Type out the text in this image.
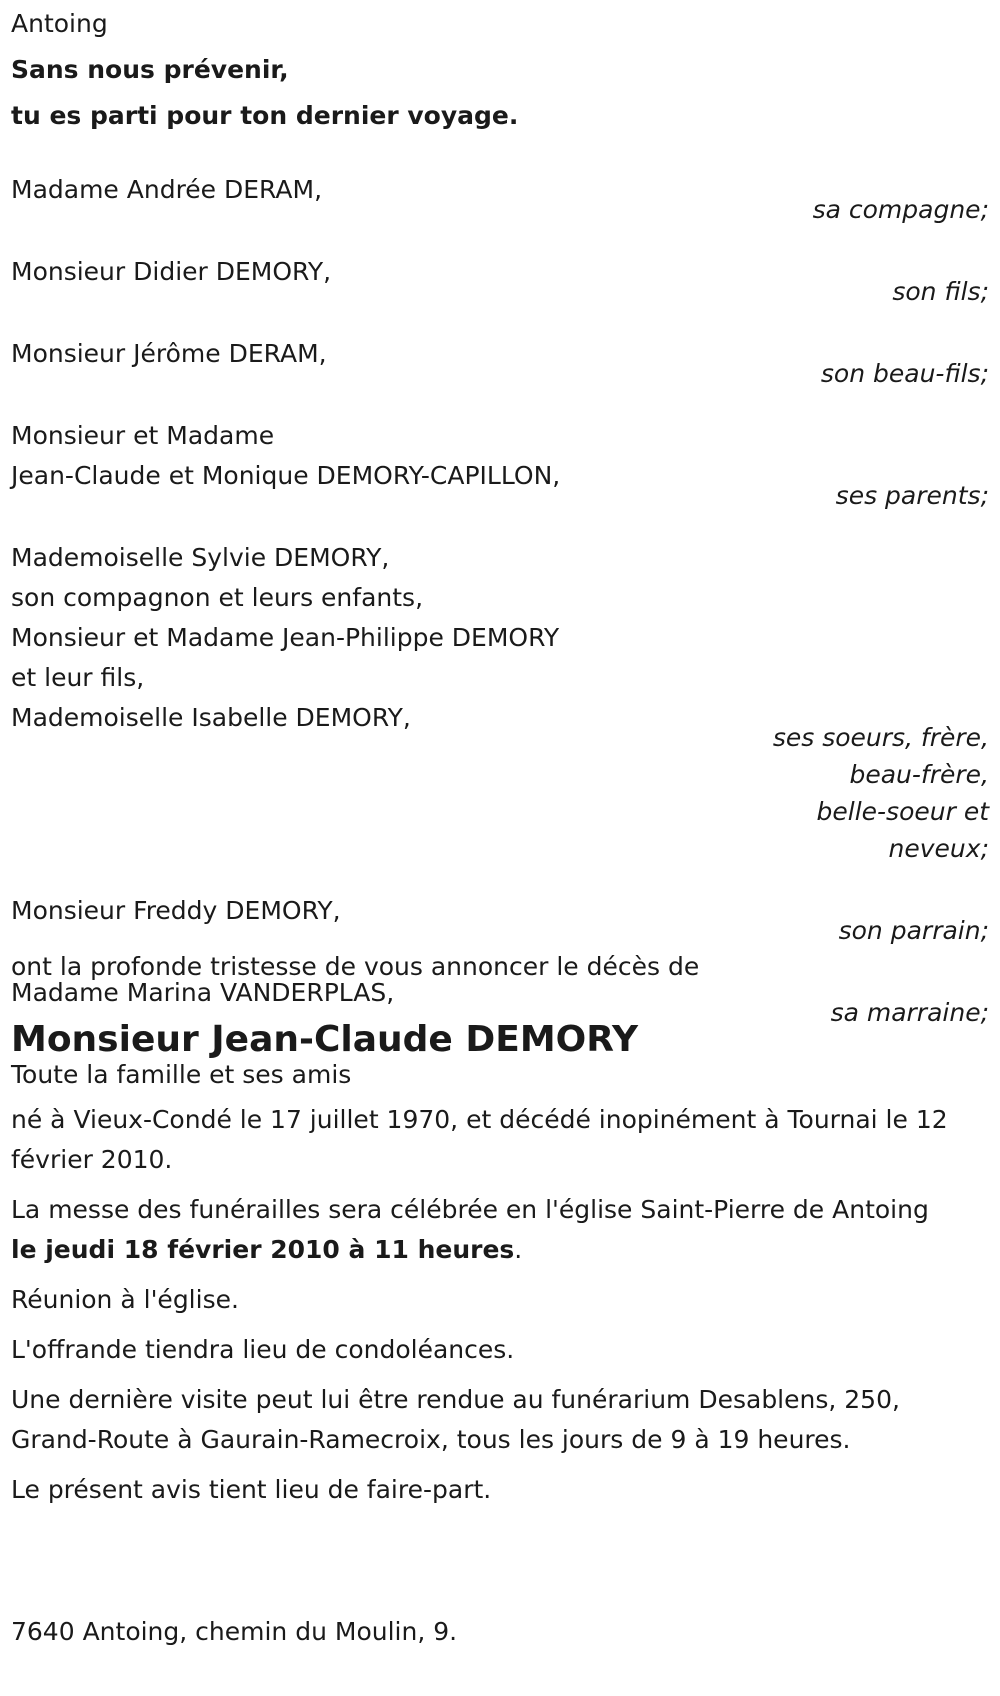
Antoing
Sans nous prévenir,
tu es parti pour ton dernier voyage.
Madame Andrée DERAM,
sa compagne;
Monsieur Didier DEMORY,
son fils;
Monsieur Jérôme DERAM,
son beau-fils;
Monsieur et Madame
Jean-Claude et Monique DEMORY-CAPILLON,
ses parents;
Mademoiselle Sylvie DEMORY,
son compagnon et leurs enfants,
Monsieur et Madame Jean-Philippe DEMORY
et leur fils,
Mademoiselle Isabelle DEMORY,
ses soeurs, frère,
beau-frère,
belle-soeur et
neveux;
Monsieur Freddy DEMORY,
son parrain;
Madame Marina VANDERPLAS,
sa marraine;
Toute la famille et ses amis
ont la profonde tristesse de vous annoncer le décès de
Monsieur Jean-Claude DEMORY
né à Vieux-Condé le 17 juillet 1970, et décédé inopinément à Tournai le 12
février 2010.
La messe des funérailles sera célébrée en l'église Saint-Pierre de Antoing
le jeudi 18 février 2010 à 11 heures.
Réunion à l'église.
L'offrande tiendra lieu de condoléances.
Une dernière visite peut lui être rendue au funérarium Desablens, 250,
Grand-Route à Gaurain-Ramecroix, tous les jours de 9 à 19 heures.
Le présent avis tient lieu de faire-part.
7640 Antoing, chemin du Moulin, 9.
